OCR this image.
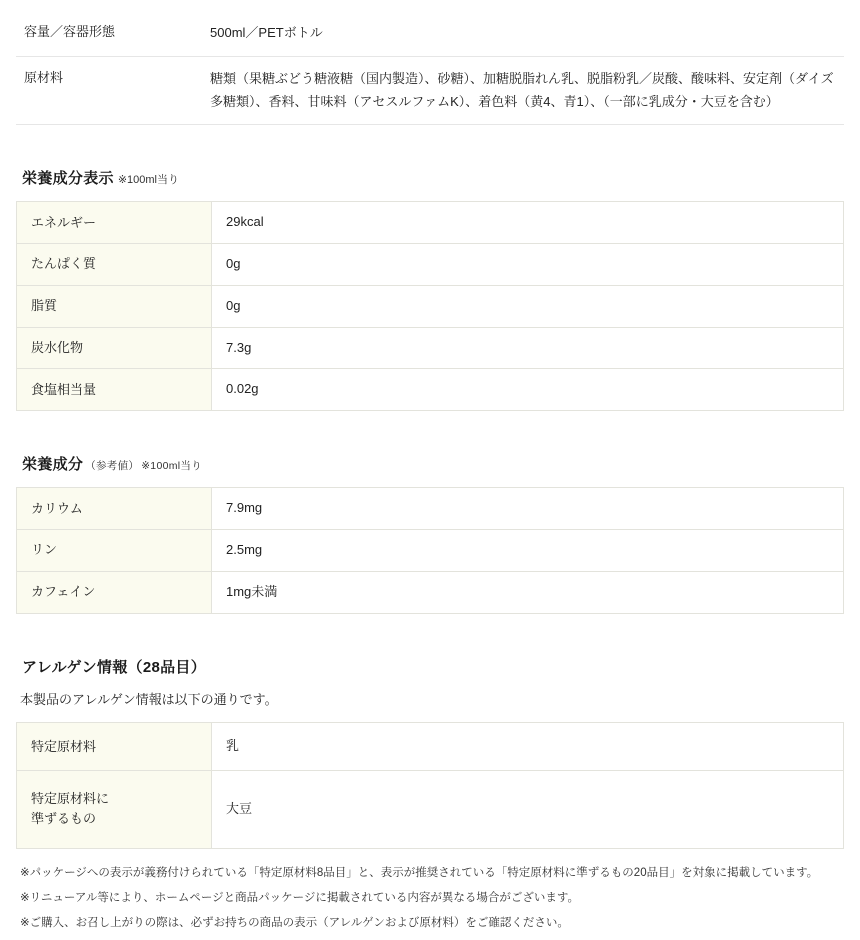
容量／容器形態	500ml／PETボトル
原材料	糖類（果糖ぶどう糖液糖（国内製造）、砂糖）、加糖脱脂れん乳、脱脂粉乳／炭酸、酸味料、安定剤（ダイズ多糖類）、香料、甘味料（アセスルファムK）、着色料（黄4、青1）、（一部に乳成分・大豆を含む）
栄養成分表示 ※100ml当り
エネルギー	29kcal
たんぱく質	0g
脂質	0g
炭水化物	7.3g
食塩相当量	0.02g
栄養成分 （参考値） ※100ml当り
カリウム	7.9mg
リン	2.5mg
カフェイン	1mg未満
アレルゲン情報（28品目）
本製品のアレルゲン情報は以下の通りです。
特定原材料	乳
特定原材料に
準ずるもの	大豆

※パッケージへの表示が義務付けられている「特定原材料8品目」と、表示が推奨されている「特定原材料に準ずるもの20品目」を対象に掲載しています。

※リニューアル等により、ホームページと商品パッケージに掲載されている内容が異なる場合がございます。

※ご購入、お召し上がりの際は、必ずお持ちの商品の表示（アレルゲンおよび原材料）をご確認ください。
